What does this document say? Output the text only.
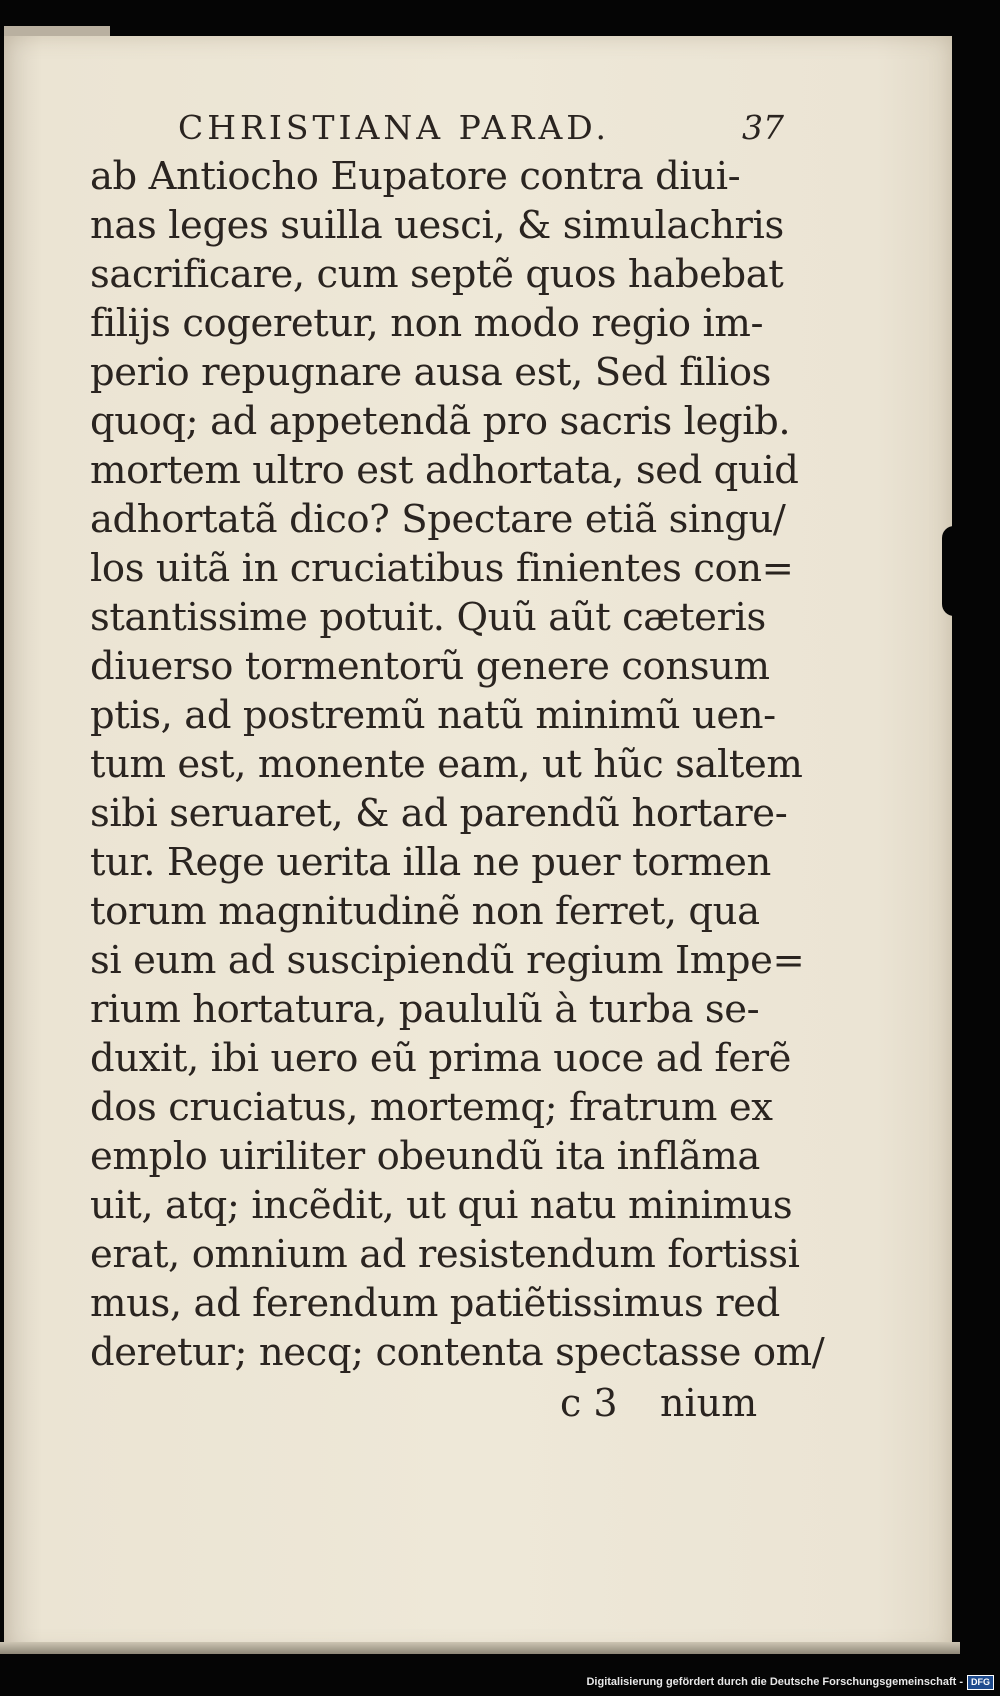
CHRISTIANA PARAD.	37
ab Antiocho Eupatore contra diui-
nas leges suilla uesci, & simulachris
sacrificare, cum septẽ quos habebat
filijs cogeretur, non modo regio im-
perio repugnare ausa est, Sed filios
quoq; ad appetendã pro sacris legib.
mortem ultro est adhortata, sed quid
adhortatã dico? Spectare etiã singu/
los uitã in cruciatibus finientes con=
stantissime potuit. Quũ aũt cæteris
diuerso tormentorũ genere consum
ptis, ad postremũ natũ minimũ uen-
tum est, monente eam, ut hũc saltem
sibi seruaret, & ad parendũ hortare-
tur. Rege uerita illa ne puer tormen
torum magnitudinẽ non ferret, qua
si eum ad suscipiendũ regium Impe=
rium hortatura, paululũ à turba se-
duxit, ibi uero eũ prima uoce ad ferẽ
dos cruciatus, mortemq; fratrum ex
emplo uiriliter obeundũ ita inflãma
uit, atq; incẽdit, ut qui natu minimus
erat, omnium ad resistendum fortissi
mus, ad ferendum patiẽtissimus red
deretur; necq; contenta spectasse om/
c 3 nium
Digitalisierung gefördert durch die Deutsche Forschungsgemeinschaft - DFG
